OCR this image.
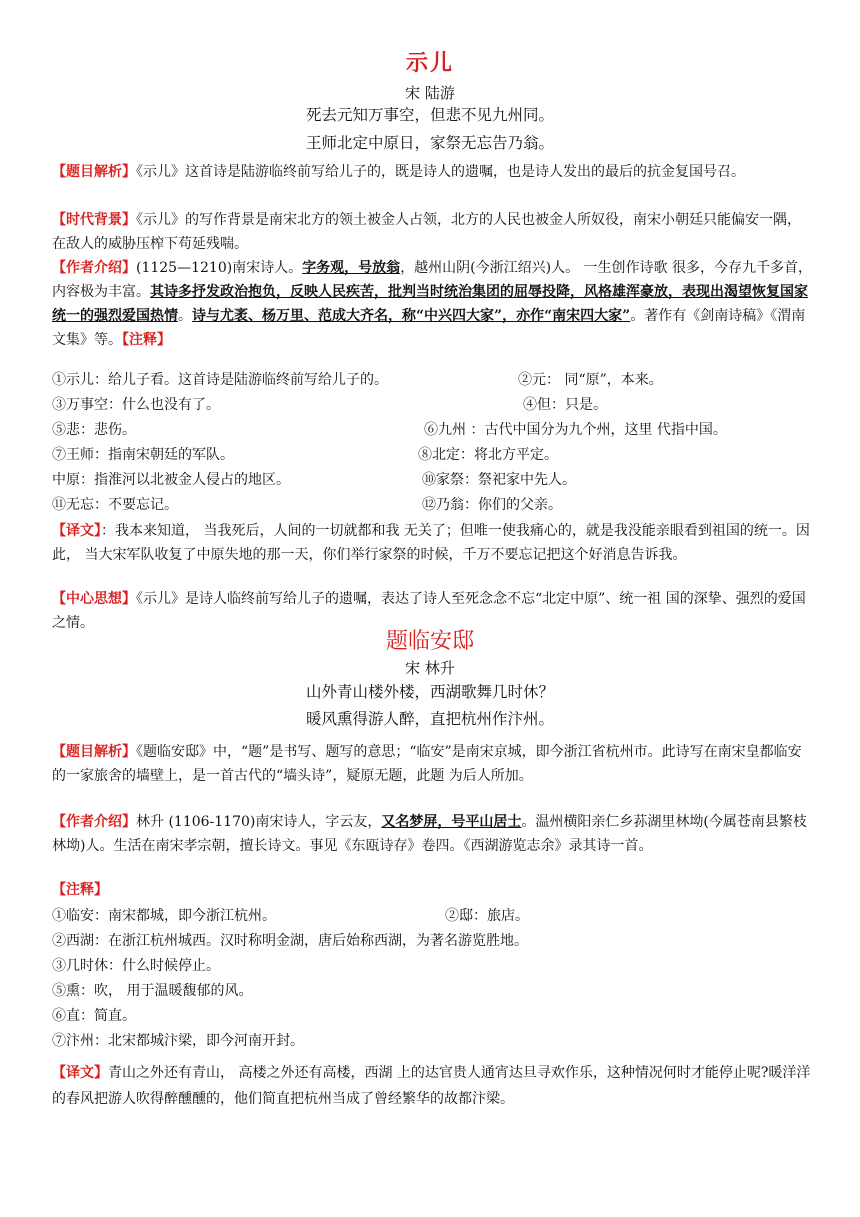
示儿
宋 陆游
死去元知万事空，但悲不见九州同。
王师北定中原日，家祭无忘告乃翁。
【题目解析】《示儿》这首诗是陆游临终前写给儿子的，既是诗人的遗嘱，也是诗人发出的最后的抗金复国号召。
【时代背景】《示儿》的写作背景是南宋北方的领土被金人占领，北方的人民也被金人所奴役，南宋小朝廷只能偏安一隅，在敌人的威胁压榨下苟延残喘。
【作者介绍】(1125—1210)南宋诗人。字务观，号放翁，越州山阴(今浙江绍兴)人。 一生创作诗歌 很多，今存九千多首， 内容极为丰富。其诗多抒发政治抱负，反映人民疾苦，批判当时统治集团的屈辱投降，风格雄浑豪放，表现出渴望恢复国家统一的强烈爱国热情。诗与尤袤、杨万里、范成大齐名，称“中兴四大家”，亦作“南宋四大家”。著作有《剑南诗稿》《渭南文集》等。【注释】
①示儿：给儿子看。这首诗是陆游临终前写给儿子的。	②元： 同“原”，本来。
③万事空：什么也没有了。	④但：只是。
⑤悲：悲伤。	⑥九州 ：古代中国分为九个州，这里 代指中国。
⑦王师：指南宋朝廷的军队。	⑧北定：将北方平定。
中原：指淮河以北被金人侵占的地区。	⑩家祭：祭祀家中先人。
⑪无忘：不要忘记。	⑫乃翁：你们的父亲。
【译文】：我本来知道， 当我死后，人间的一切就都和我 无关了；但唯一使我痛心的，就是我没能亲眼看到祖国的统一。因此， 当大宋军队收复了中原失地的那一天，你们举行家祭的时候，千万不要忘记把这个好消息告诉我。
【中心思想】《示儿》是诗人临终前写给儿子的遗嘱，表达了诗人至死念念不忘“北定中原”、统一祖 国的深挚、强烈的爱国之情。
题临安邸
宋 林升
山外青山楼外楼，西湖歌舞几时休？
暖风熏得游人醉，直把杭州作汴州。
【题目解析】《题临安邸》中，“题”是书写、题写的意思；“临安”是南宋京城，即今浙江省杭州市。此诗写在南宋皇都临安的一家旅舍的墙壁上，是一首古代的“墙头诗”，疑原无题，此题 为后人所加。
【作者介绍】林升 (1106-1170)南宋诗人，字云友，又名梦屏，号平山居士。温州横阳亲仁乡荪湖里林坳(今属苍南县繁枝林坳)人。生活在南宋孝宗朝，擅长诗文。事见《东瓯诗存》卷四。《西湖游览志余》录其诗一首。
【注释】
①临安：南宋都城，即今浙江杭州。	②邸：旅店。
②西湖：在浙江杭州城西。汉时称明金湖，唐后始称西湖，为著名游览胜地。
③几时休：什么时候停止。
⑤熏：吹， 用于温暖馥郁的风。
⑥直：简直。
⑦汴州：北宋都城汴梁，即今河南开封。
【译文】青山之外还有青山， 高楼之外还有高楼，西湖 上的达官贵人通宵达旦寻欢作乐，这种情况何时才能停止呢?暖洋洋的春风把游人吹得醉醺醺的，他们简直把杭州当成了曾经繁华的故都汴梁。
